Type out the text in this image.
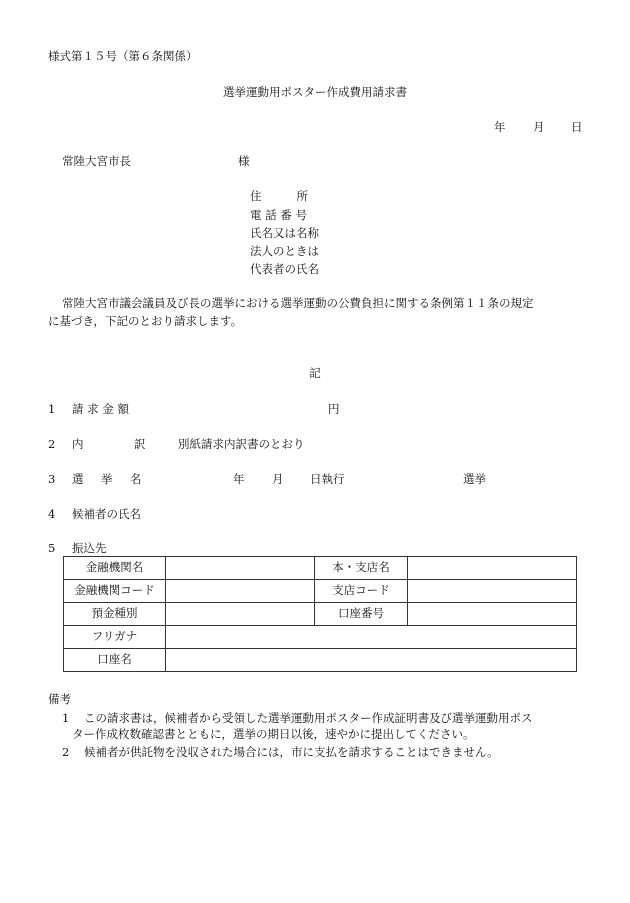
様式第１５号（第６条関係）
選挙運動用ポスター作成費用請求書
年 月 日
常陸大宮市長	様
住　　所
電 話 番 号
氏名又は名称
法人のときは
代表者の氏名
常陸大宮市議会議員及び長の選挙における選挙運動の公費負担に関する条例第１１条の規定
に基づき，下記のとおり請求します。
記
1 請 求 金 額	円
2 内	訳	別紙請求内訳書のとおり
3 選 挙 名	年 月 日執行	選挙
4 候補者の氏名
5 振込先
金融機関名		本・支店名	
金融機関コード		支店コード	
預金種別		口座番号	
フリガナ			
口座名			
備考
1 この請求書は，候補者から受領した選挙運動用ポスター作成証明書及び選挙運動用ポス
ター作成枚数確認書とともに，選挙の期日以後，速やかに提出してください。
2 候補者が供託物を没収された場合には，市に支払を請求することはできません。
